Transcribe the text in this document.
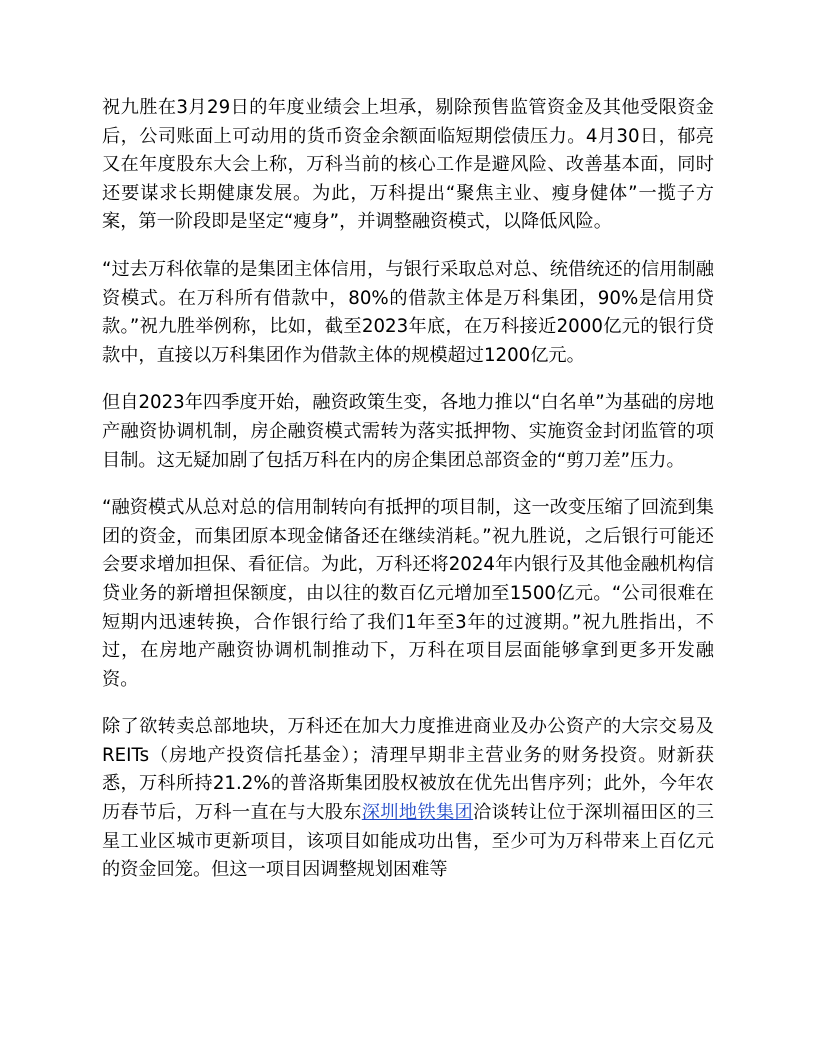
祝九胜在3月29日的年度业绩会上坦承，剔除预售监管资金及其他受限资金后，公司账面上可动用的货币资金余额面临短期偿债压力。4月30日，郁亮又在年度股东大会上称，万科当前的核心工作是避风险、改善基本面，同时还要谋求长期健康发展。为此，万科提出“聚焦主业、瘦身健体”一揽子方案，第一阶段即是坚定“瘦身”，并调整融资模式，以降低风险。

“过去万科依靠的是集团主体信用，与银行采取总对总、统借统还的信用制融资模式。在万科所有借款中，80%的借款主体是万科集团，90%是信用贷款。”祝九胜举例称，比如，截至2023年底，在万科接近2000亿元的银行贷款中，直接以万科集团作为借款主体的规模超过1200亿元。

但自2023年四季度开始，融资政策生变，各地力推以“白名单”为基础的房地产融资协调机制，房企融资模式需转为落实抵押物、实施资金封闭监管的项目制。这无疑加剧了包括万科在内的房企集团总部资金的“剪刀差”压力。

“融资模式从总对总的信用制转向有抵押的项目制，这一改变压缩了回流到集团的资金，而集团原本现金储备还在继续消耗。”祝九胜说，之后银行可能还会要求增加担保、看征信。为此，万科还将2024年内银行及其他金融机构信贷业务的新增担保额度，由以往的数百亿元增加至1500亿元。“公司很难在短期内迅速转换，合作银行给了我们1年至3年的过渡期。”祝九胜指出，不过，在房地产融资协调机制推动下，万科在项目层面能够拿到更多开发融资。

除了欲转卖总部地块，万科还在加大力度推进商业及办公资产的大宗交易及REITs（房地产投资信托基金）；清理早期非主营业务的财务投资。财新获悉，万科所持21.2%的普洛斯集团股权被放在优先出售序列；此外，今年农历春节后，万科一直在与大股东深圳地铁集团洽谈转让位于深圳福田区的三星工业区城市更新项目，该项目如能成功出售，至少可为万科带来上百亿元的资金回笼。但这一项目因调整规划困难等
